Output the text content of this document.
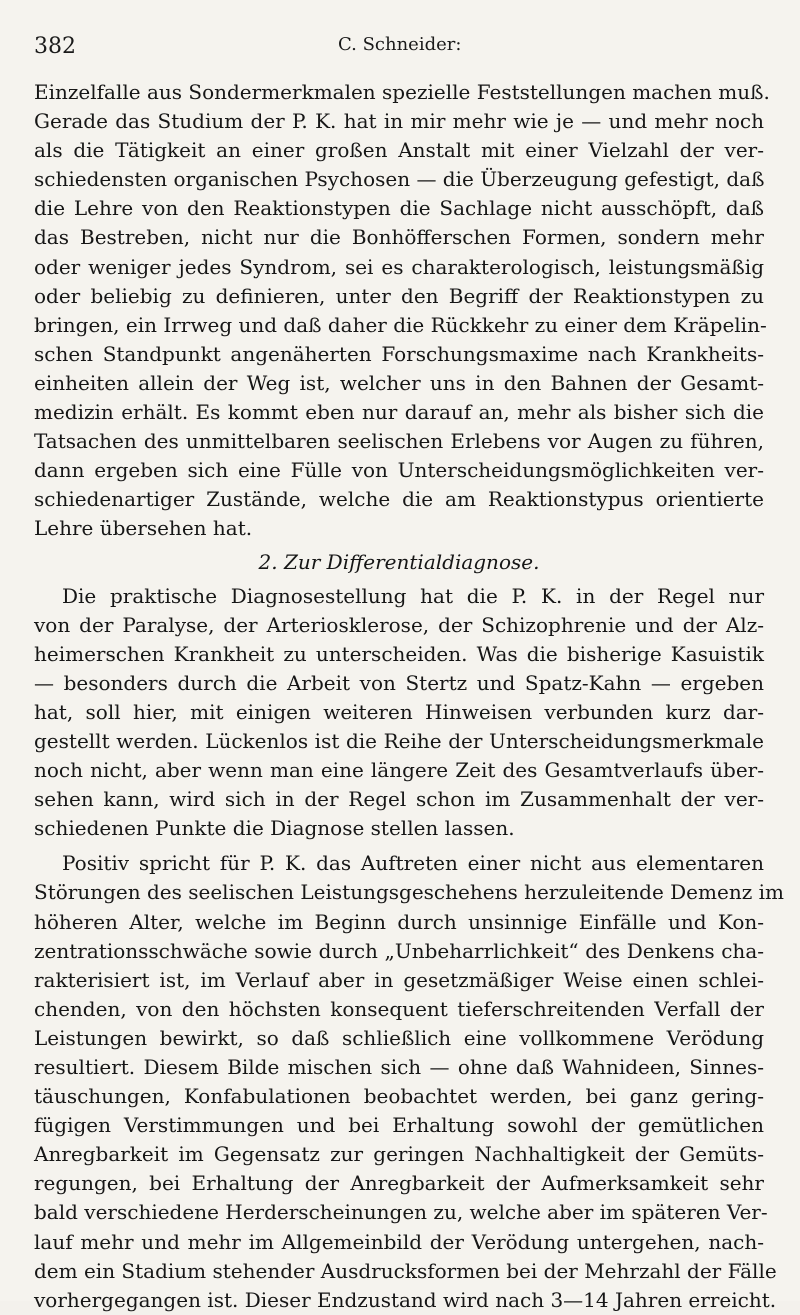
382	C. Schneider:
Einzelfalle aus Sondermerkmalen spezielle Feststellungen machen muß.
Gerade das Studium der P. K. hat in mir mehr wie je — und mehr noch
als die Tätigkeit an einer großen Anstalt mit einer Vielzahl der ver-
schiedensten organischen Psychosen — die Überzeugung gefestigt, daß
die Lehre von den Reaktionstypen die Sachlage nicht ausschöpft, daß
das Bestreben, nicht nur die Bonhöfferschen Formen, sondern mehr
oder weniger jedes Syndrom, sei es charakterologisch, leistungsmäßig
oder beliebig zu definieren, unter den Begriff der Reaktionstypen zu
bringen, ein Irrweg und daß daher die Rückkehr zu einer dem Kräpelin-
schen Standpunkt angenäherten Forschungsmaxime nach Krankheits-
einheiten allein der Weg ist, welcher uns in den Bahnen der Gesamt-
medizin erhält. Es kommt eben nur darauf an, mehr als bisher sich die
Tatsachen des unmittelbaren seelischen Erlebens vor Augen zu führen,
dann ergeben sich eine Fülle von Unterscheidungsmöglichkeiten ver-
schiedenartiger Zustände, welche die am Reaktionstypus orientierte
Lehre übersehen hat.
2. Zur Differentialdiagnose.
Die praktische Diagnosestellung hat die P. K. in der Regel nur
von der Paralyse, der Arteriosklerose, der Schizophrenie und der Alz-
heimerschen Krankheit zu unterscheiden. Was die bisherige Kasuistik
— besonders durch die Arbeit von Stertz und Spatz-Kahn — ergeben
hat, soll hier, mit einigen weiteren Hinweisen verbunden kurz dar-
gestellt werden. Lückenlos ist die Reihe der Unterscheidungsmerkmale
noch nicht, aber wenn man eine längere Zeit des Gesamtverlaufs über-
sehen kann, wird sich in der Regel schon im Zusammenhalt der ver-
schiedenen Punkte die Diagnose stellen lassen.
Positiv spricht für P. K. das Auftreten einer nicht aus elementaren
Störungen des seelischen Leistungsgeschehens herzuleitende Demenz im
höheren Alter, welche im Beginn durch unsinnige Einfälle und Kon-
zentrationsschwäche sowie durch „Unbeharrlichkeit“ des Denkens cha-
rakterisiert ist, im Verlauf aber in gesetzmäßiger Weise einen schlei-
chenden, von den höchsten konsequent tieferschreitenden Verfall der
Leistungen bewirkt, so daß schließlich eine vollkommene Verödung
resultiert. Diesem Bilde mischen sich — ohne daß Wahnideen, Sinnes-
täuschungen, Konfabulationen beobachtet werden, bei ganz gering-
fügigen Verstimmungen und bei Erhaltung sowohl der gemütlichen
Anregbarkeit im Gegensatz zur geringen Nachhaltigkeit der Gemüts-
regungen, bei Erhaltung der Anregbarkeit der Aufmerksamkeit sehr
bald verschiedene Herderscheinungen zu, welche aber im späteren Ver-
lauf mehr und mehr im Allgemeinbild der Verödung untergehen, nach-
dem ein Stadium stehender Ausdrucksformen bei der Mehrzahl der Fälle
vorhergegangen ist. Dieser Endzustand wird nach 3—14 Jahren erreicht.
